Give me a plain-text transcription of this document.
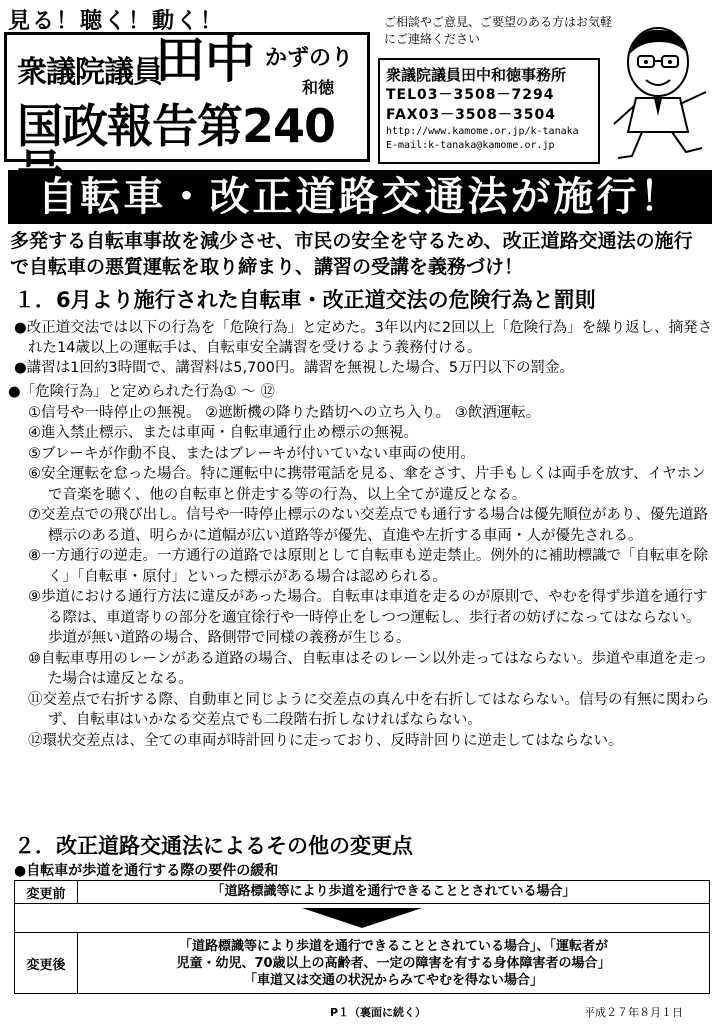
見る！聴く！動く！
衆議院議員
田中 かずのり
和徳
国政報告第240
ご相談やご意見、ご要望のある方はお気軽にご連絡ください
衆議院議員田中和徳事務所
TEL03－3508－7294
FAX03－3508－3504
http://www.kamome.or.jp/k-tanaka
E-mail:k-tanaka@kamome.or.jp
自転車・改正道路交通法が施行！
多発する自転車事故を減少させ、市民の安全を守るため、改正道路交通法の施行で自転車の悪質運転を取り締まり、講習の受講を義務づけ！
１．6月より施行された自転車・改正道交法の危険行為と罰則
●改正道交法では以下の行為を「危険行為」と定めた。3年以内に2回以上「危険行為」を繰り返し、摘発された14歳以上の運転手は、自転車安全講習を受けるよう義務付ける。
●講習は1回約3時間で、講習料は5,700円。講習を無視した場合、5万円以下の罰金。
●「危険行為」と定められた行為① ～ ⑫
①信号や一時停止の無視。 ②遮断機の降りた踏切への立ち入り。 ③飲酒運転。
④進入禁止標示、または車両・自転車通行止め標示の無視。
⑤ブレーキが作動不良、またはブレーキが付いていない車両の使用。
⑥安全運転を怠った場合。特に運転中に携帯電話を見る、傘をさす、片手もしくは両手を放す、イヤホンで音楽を聴く、他の自転車と併走する等の行為、以上全てが違反となる。
⑦交差点での飛び出し。信号や一時停止標示のない交差点でも通行する場合は優先順位があり、優先道路標示のある道、明らかに道幅が広い道路等が優先、直進や左折する車両・人が優先される。
⑧一方通行の逆走。一方通行の道路では原則として自転車も逆走禁止。例外的に補助標識で「自転車を除く」「自転車・原付」といった標示がある場合は認められる。
⑨歩道における通行方法に違反があった場合。自転車は車道を走るのが原則で、やむを得ず歩道を通行する際は、車道寄りの部分を適宜徐行や一時停止をしつつ運転し、歩行者の妨げになってはならない。歩道が無い道路の場合、路側帯で同様の義務が生じる。
⑩自転車専用のレーンがある道路の場合、自転車はそのレーン以外走ってはならない。歩道や車道を走った場合は違反となる。
⑪交差点で右折する際、自動車と同じように交差点の真ん中を右折してはならない。信号の有無に関わらず、自転車はいかなる交差点でも二段階右折しなければならない。
⑫環状交差点は、全ての車両が時計回りに走っており、反時計回りに逆走してはならない。
２．改正道路交通法によるその他の変更点
●自転車が歩道を通行する際の要件の緩和
変更前	「道路標識等により歩道を通行できることとされている場合」
変更後
「道路標識等により歩道を通行できることとされている場合」、「運転者が
児童・幼児、70歳以上の高齢者、一定の障害を有する身体障害者の場合」
「車道又は交通の状況からみてやむを得ない場合」
P１（裏面に続く）	平成２７年８月１日
